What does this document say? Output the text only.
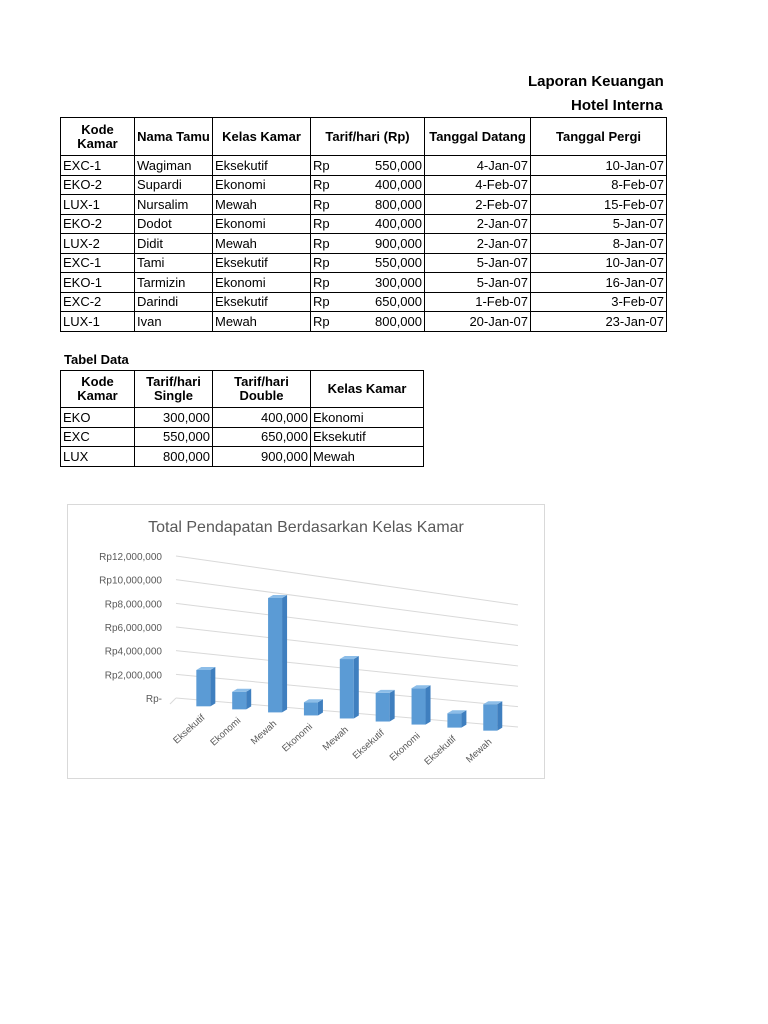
Laporan Keuangan
Hotel Interna
Kode Kamar	Nama Tamu	Kelas Kamar	Tarif/hari (Rp)		Tanggal Datang	Tanggal Pergi
EXC-1	Wagiman	Eksekutif	Rp	550,000	4-Jan-07	10-Jan-07
EKO-2	Supardi	Ekonomi	Rp	400,000	4-Feb-07	8-Feb-07
LUX-1	Nursalim	Mewah	Rp	800,000	2-Feb-07	15-Feb-07
EKO-2	Dodot	Ekonomi	Rp	400,000	2-Jan-07	5-Jan-07
LUX-2	Didit	Mewah	Rp	900,000	2-Jan-07	8-Jan-07
EXC-1	Tami	Eksekutif	Rp	550,000	5-Jan-07	10-Jan-07
EKO-1	Tarmizin	Ekonomi	Rp	300,000	5-Jan-07	16-Jan-07
EXC-2	Darindi	Eksekutif	Rp	650,000	1-Feb-07	3-Feb-07
LUX-1	Ivan	Mewah	Rp	800,000	20-Jan-07	23-Jan-07
Tabel Data
Kode Kamar	Tarif/hari Single	Tarif/hari Double	Kelas Kamar
EKO	300,000	400,000	Ekonomi
EXC	550,000	650,000	Eksekutif
LUX	800,000	900,000	Mewah
Total Pendapatan Berdasarkan Kelas Kamar
Rp-
Rp2,000,000
Rp4,000,000
Rp6,000,000
Rp8,000,000
Rp10,000,000
Rp12,000,000
Eksekutif Ekonomi Mewah Ekonomi Mewah Eksekutif Ekonomi Eksekutif Mewah
